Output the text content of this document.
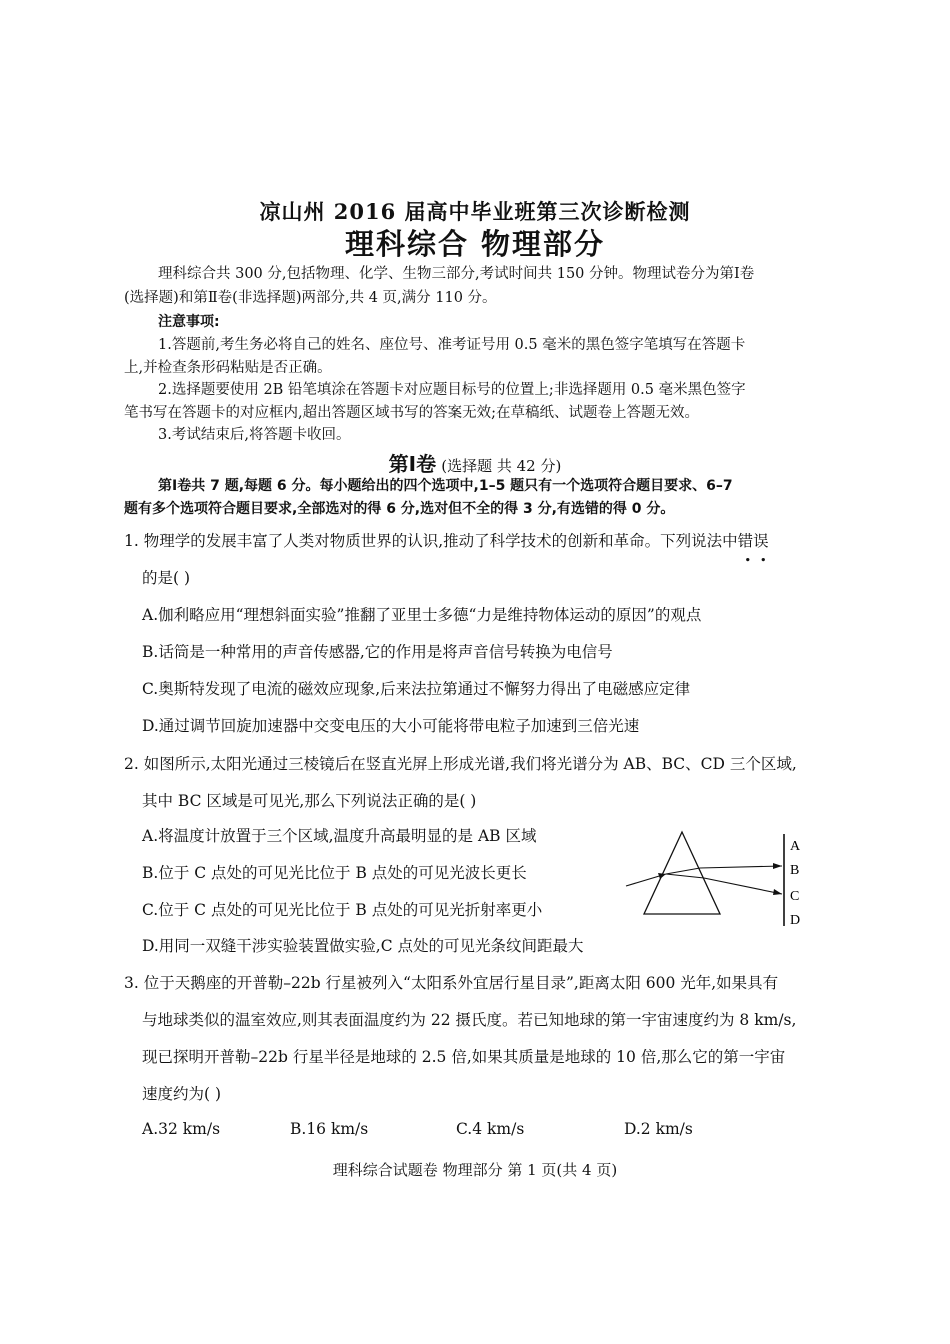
凉山州 2016 届高中毕业班第三次诊断检测
理科综合 物理部分
理科综合共 300 分,包括物理、化学、生物三部分,考试时间共 150 分钟。物理试卷分为第Ⅰ卷
(选择题)和第Ⅱ卷(非选择题)两部分,共 4 页,满分 110 分。
注意事项:
1.答题前,考生务必将自己的姓名、座位号、准考证号用 0.5 毫米的黑色签字笔填写在答题卡
上,并检查条形码粘贴是否正确。
2.选择题要使用 2B 铅笔填涂在答题卡对应题目标号的位置上;非选择题用 0.5 毫米黑色签字
笔书写在答题卡的对应框内,超出答题区域书写的答案无效;在草稿纸、试题卷上答题无效。
3.考试结束后,将答题卡收回。
第Ⅰ卷 (选择题 共 42 分)
第Ⅰ卷共 7 题,每题 6 分。每小题给出的四个选项中,1–5 题只有一个选项符合题目要求、6–7
题有多个选项符合题目要求,全部选对的得 6 分,选对但不全的得 3 分,有选错的得 0 分。
1. 物理学的发展丰富了人类对物质世界的认识,推动了科学技术的创新和革命。下列说法中错误
的是( )
A.伽利略应用“理想斜面实验”推翻了亚里士多德“力是维持物体运动的原因”的观点
B.话筒是一种常用的声音传感器,它的作用是将声音信号转换为电信号
C.奥斯特发现了电流的磁效应现象,后来法拉第通过不懈努力得出了电磁感应定律
D.通过调节回旋加速器中交变电压的大小可能将带电粒子加速到三倍光速
2. 如图所示,太阳光通过三棱镜后在竖直光屏上形成光谱,我们将光谱分为 AB、BC、CD 三个区域,
其中 BC 区域是可见光,那么下列说法正确的是( )
A.将温度计放置于三个区域,温度升高最明显的是 AB 区域
B.位于 C 点处的可见光比位于 B 点处的可见光波长更长
C.位于 C 点处的可见光比位于 B 点处的可见光折射率更小
D.用同一双缝干涉实验装置做实验,C 点处的可见光条纹间距最大
A
B
C
D
3. 位于天鹅座的开普勒–22b 行星被列入“太阳系外宜居行星目录”,距离太阳 600 光年,如果具有
与地球类似的温室效应,则其表面温度约为 22 摄氏度。若已知地球的第一宇宙速度约为 8 km/s,
现已探明开普勒–22b 行星半径是地球的 2.5 倍,如果其质量是地球的 10 倍,那么它的第一宇宙
速度约为( )
A.32 km/s	B.16 km/s	C.4 km/s	D.2 km/s
理科综合试题卷 物理部分 第 1 页(共 4 页)
